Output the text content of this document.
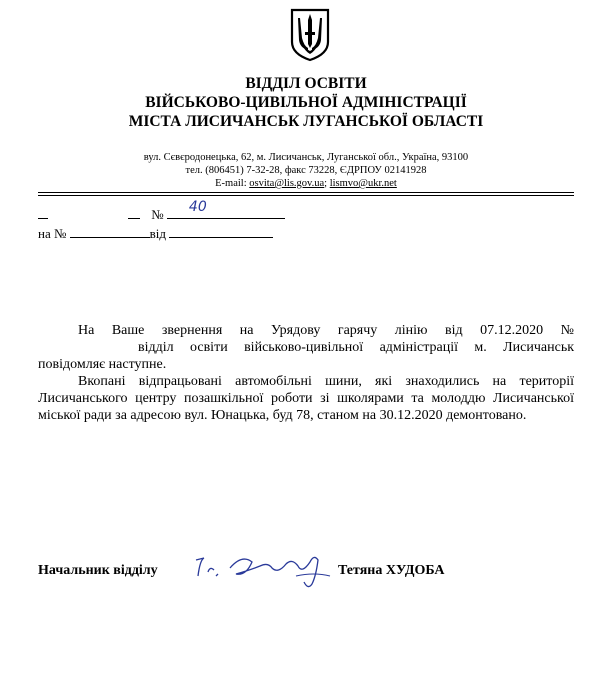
ВІДДІЛ ОСВІТИ
ВІЙСЬКОВО-ЦИВІЛЬНОЇ АДМІНІСТРАЦІЇ
МІСТА ЛИСИЧАНСЬК ЛУГАНСЬКОЇ ОБЛАСТІ
вул. Сєвєродонецька, 62, м. Лисичанськ, Луганської обл., Україна, 93100
тел. (806451) 7-32-28, факс 73228, ЄДРПОУ 02141928
E-mail: osvita@lis.gov.ua; lismvo@ukr.net
№ 40
на №	від

На Ваше звернення на Урядову гарячу лінію від 07.12.2020 №

відділ освіти військово-цивільної адміністрації м. Лисичанськ

повідомляє наступне.

Вкопані відпрацьовані автомобільні шини, які знаходились на території Лисичанського центру позашкільної роботи зі школярами та молоддю Лисичанської міської ради за адресою вул. Юнацька, буд 78, станом на 30.12.2020 демонтовано.

Начальник відділу	Тетяна ХУДОБА
